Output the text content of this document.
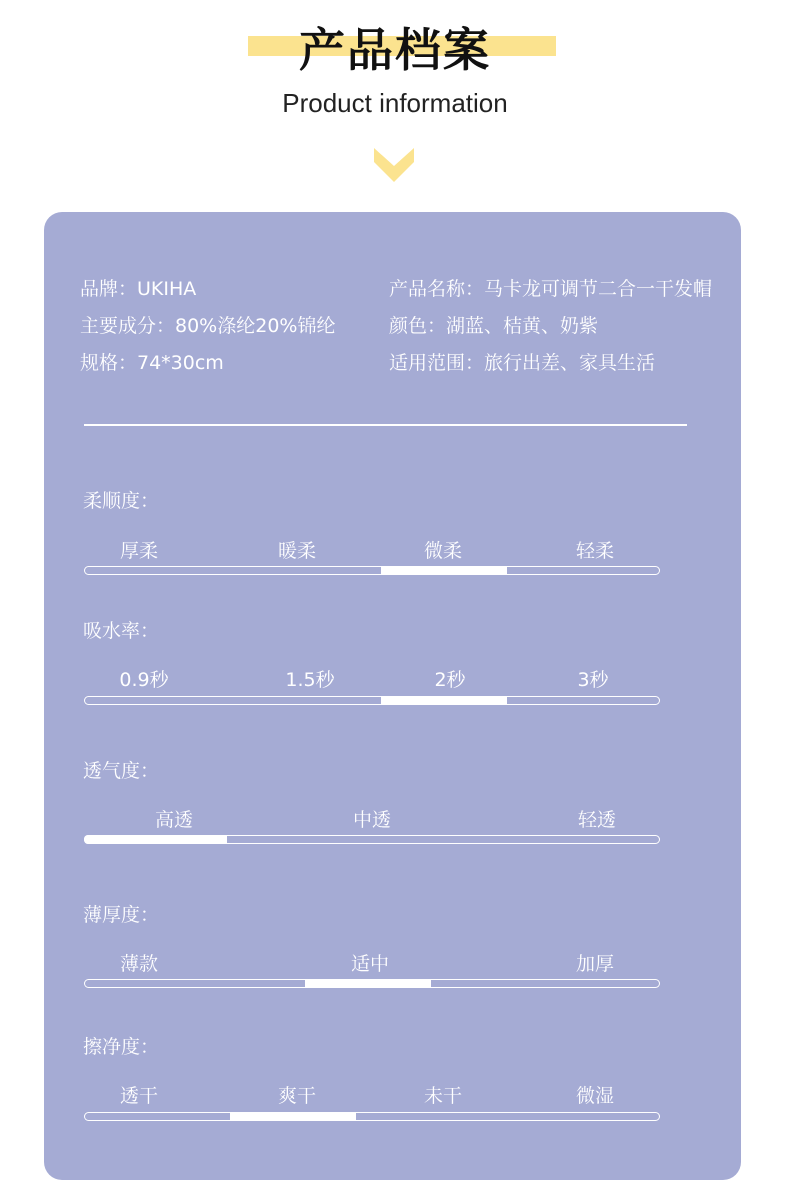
产品档案
Product information
品牌：UKIHA
主要成分：80%涤纶20%锦纶
规格：74*30cm
产品名称：马卡龙可调节二合一干发帽
颜色：湖蓝、桔黄、奶紫
适用范围：旅行出差、家具生活
柔顺度：
厚柔	暖柔	微柔	轻柔
吸水率：
0.9秒	1.5秒	2秒	3秒
透气度：
高透	中透	轻透
薄厚度：
薄款	适中	加厚
擦净度：
透干	爽干	未干	微湿
